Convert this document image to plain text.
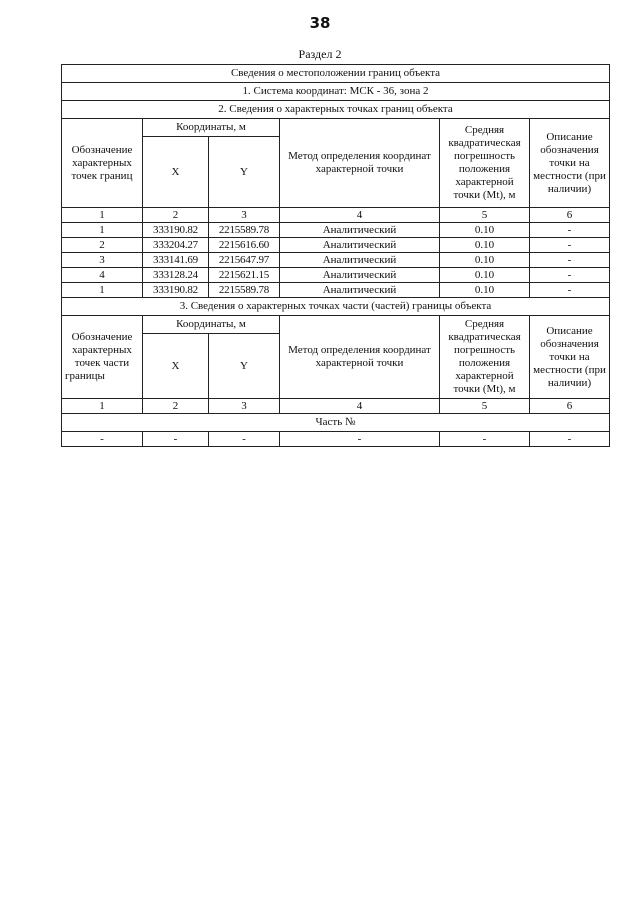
38
Раздел 2
Сведения о местоположении границ объекта					
1. Система координат: МСК - 36, зона 2					
2. Сведения о характерных точках границ объекта					
Обозначение характерных точек границ	Координаты, м		Метод определения координат характерной точки	Средняя квадратическая погрешность положения характерной точки (Mt), м	Описание обозначения точки на местности (при наличии)
	X	Y			
1	2	3	4	5	6
1	333190.82	2215589.78	Аналитический	0.10	-
2	333204.27	2215616.60	Аналитический	0.10	-
3	333141.69	2215647.97	Аналитический	0.10	-
4	333128.24	2215621.15	Аналитический	0.10	-
1	333190.82	2215589.78	Аналитический	0.10	-
3. Сведения о характерных точках части (частей) границы объекта					
Обозначение характерных точек части границы	Координаты, м		Метод определения координат характерной точки	Средняя квадратическая погрешность положения характерной точки (Mt), м	Описание обозначения точки на местности (при наличии)
	X	Y			
1	2	3	4	5	6
Часть №					
-	-	-	-	-	-
